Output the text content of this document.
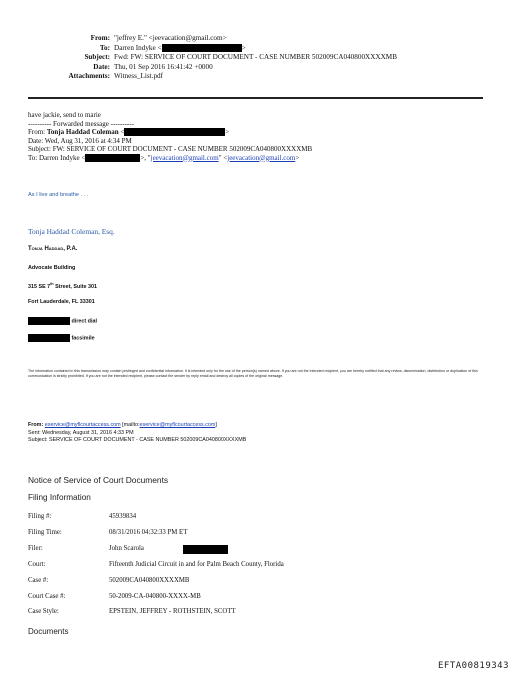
From: "jeffrey E." <jeevacation@gmail.com>
To: Darren Indyke <	>
Subject: Fwd: FW: SERVICE OF COURT DOCUMENT - CASE NUMBER 502009CA040800XXXXMB
Date: Thu, 01 Sep 2016 16:41:42 +0000
Attachments: Witness_List.pdf
have jackie, send to marie
---------- Forwarded message ----------
From: Tonja Haddad Coleman <	>
Date: Wed, Aug 31, 2016 at 4:34 PM
Subject: FW: SERVICE OF COURT DOCUMENT - CASE NUMBER 502009CA040800XXXXMB
To: Darren Indyke <	>, "jeevacation@gmail.com" <jeevacation@gmail.com>
As I live and breathe . . .
Tonja Haddad Coleman, Esq.
Tonja Haddad, P.A.
Advocate Building
315 SE 7th Street, Suite 301
Fort Lauderdale, FL 33301
direct dial
facsimile
The information contained in this transmission may contain privileged and confidential information. It is intended only for the use of the person(s) named above. If you are not the intended recipient, you are hereby notified that any review, dissemination, distribution or duplication of this communication is strictly prohibited. If you are not the intended recipient, please contact the sender by reply email and destroy all copies of the original message.
From: eservice@myflcourtaccess.com [mailto:eservice@myflcourtaccess.com]
Sent: Wednesday, August 31, 2016 4:33 PM
Subject: SERVICE OF COURT DOCUMENT - CASE NUMBER 502009CA040800XXXXMB
Notice of Service of Court Documents
Filing Information
Filing #:	45939834
Filing Time:	08/31/2016 04:32:33 PM ET
Filer:	John Scarola
Court:	Fifteenth Judicial Circuit in and for Palm Beach County, Florida
Case #:	502009CA040800XXXXMB
Court Case #:	50-2009-CA-040800-XXXX-MB
Case Style:	EPSTEIN, JEFFREY - ROTHSTEIN, SCOTT
Documents
EFTA00819343
